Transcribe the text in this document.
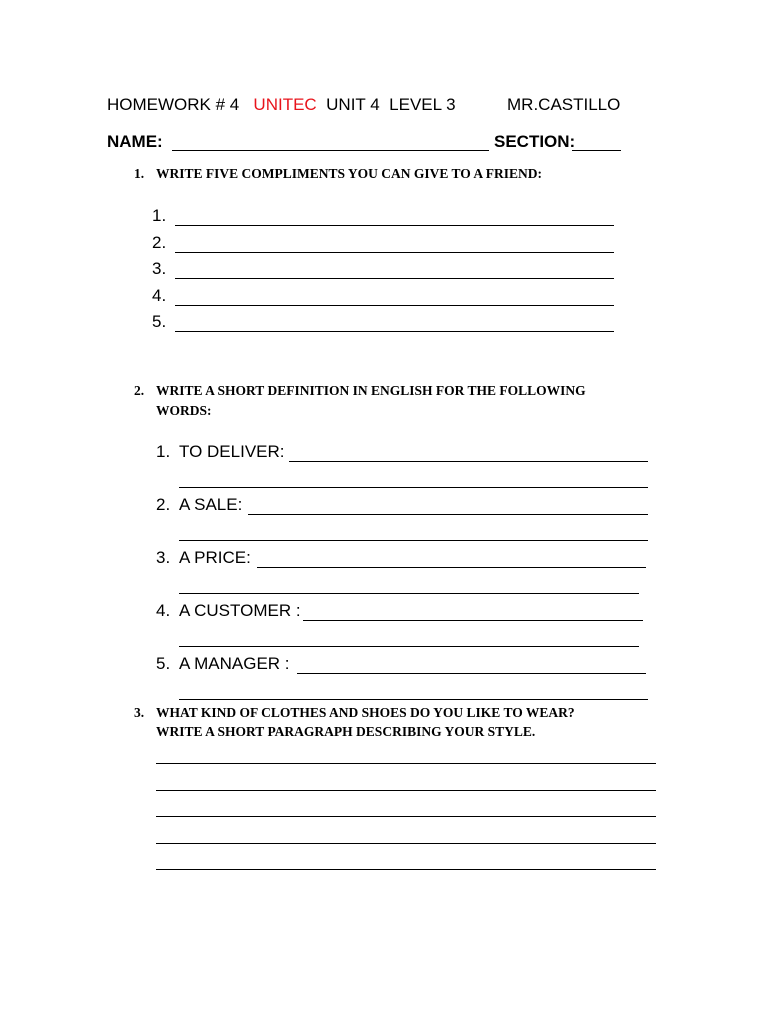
HOMEWORK # 4 UNITEC UNIT 4 LEVEL 3	MR.CASTILLO
NAME:	SECTION:
1. WRITE FIVE COMPLIMENTS YOU CAN GIVE TO A FRIEND:
1.
2.
3.
4.
5.
2. WRITE A SHORT DEFINITION IN ENGLISH FOR THE FOLLOWING
WORDS:
1. TO DELIVER:
2. A SALE:
3. A PRICE:
4. A CUSTOMER :
5. A MANAGER :
3. WHAT KIND OF CLOTHES AND SHOES DO YOU LIKE TO WEAR?
WRITE A SHORT PARAGRAPH DESCRIBING YOUR STYLE.
